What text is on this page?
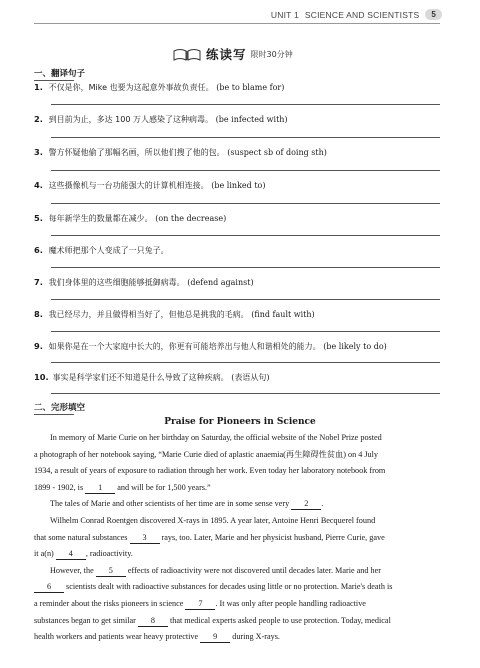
UNIT 1 SCIENCE AND SCIENTISTS	5
练读写 限时30分钟
一、翻译句子
1. 不仅是你，Mike 也要为这起意外事故负责任。 (be to blame for)
2. 到目前为止，多达 100 万人感染了这种病毒。 (be infected with)
3. 警方怀疑他偷了那幅名画，所以他们搜了他的包。 (suspect sb of doing sth)
4. 这些摄像机与一台功能强大的计算机相连接。 (be linked to)
5. 每年新学生的数量都在减少。 (on the decrease)
6. 魔术师把那个人变成了一只兔子。
7. 我们身体里的这些细胞能够抵御病毒。 (defend against)
8. 我已经尽力，并且做得相当好了，但他总是挑我的毛病。 (find fault with)
9. 如果你是在一个大家庭中长大的，你更有可能培养出与他人和谐相处的能力。 (be likely to do)
10. 事实是科学家们还不知道是什么导致了这种疾病。 (表语从句)
二、完形填空
Praise for Pioneers in Science
In memory of Marie Curie on her birthday on Saturday, the official website of the Nobel Prize posted
a photograph of her notebook saying, “Marie Curie died of aplastic anaemia(再生障碍性贫血) on 4 July
1934, a result of years of exposure to radiation through her work. Even today her laboratory notebook from
1899 - 1902, is 1 and will be for 1,500 years.”
The tales of Marie and other scientists of her time are in some sense very 2 .
Wilhelm Conrad Roentgen discovered X-rays in 1895. A year later, Antoine Henri Becquerel found
that some natural substances 3 rays, too. Later, Marie and her physicist husband, Pierre Curie, gave
it a(n) 4 , radioactivity.
However, the 5 effects of radioactivity were not discovered until decades later. Marie and her
6 scientists dealt with radioactive substances for decades using little or no protection. Marie's death is
a reminder about the risks pioneers in science 7 . It was only after people handling radioactive
substances began to get similar 8 that medical experts asked people to use protection. Today, medical
health workers and patients wear heavy protective 9 during X-rays.
